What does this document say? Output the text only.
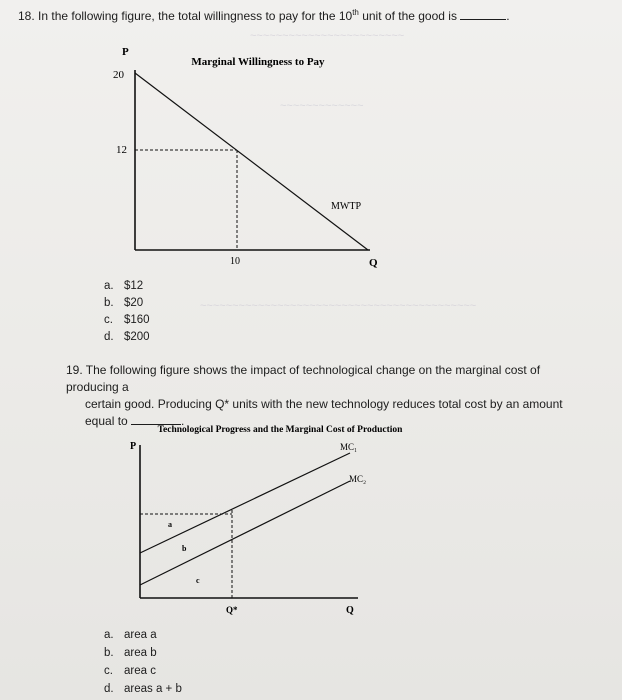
~~~~~~~~~~~~~~~~~~~~~~~~
~~~~~~~~~~~~~
~~~~~~~~~~~~~~~~~~~~~~~~~~~~~~~~~~~~~~~~~~~
18. In the following figure, the total willingness to pay for the 10th unit of the good is	.
Marginal Willingness to Pay
P
20
12
MWTP
10	Q
a. $12
b. $20
c. $160
d. $200
19. The following figure shows the impact of technological change on the marginal cost of producing a
certain good. Producing Q* units with the new technology reduces total cost by an amount
equal to	.
Technological Progress and the Marginal Cost of Production
P	MC₁
MC₂
a
b
c
Q*	Q
a. area a
b. area b
c. area c
d. areas a + b
